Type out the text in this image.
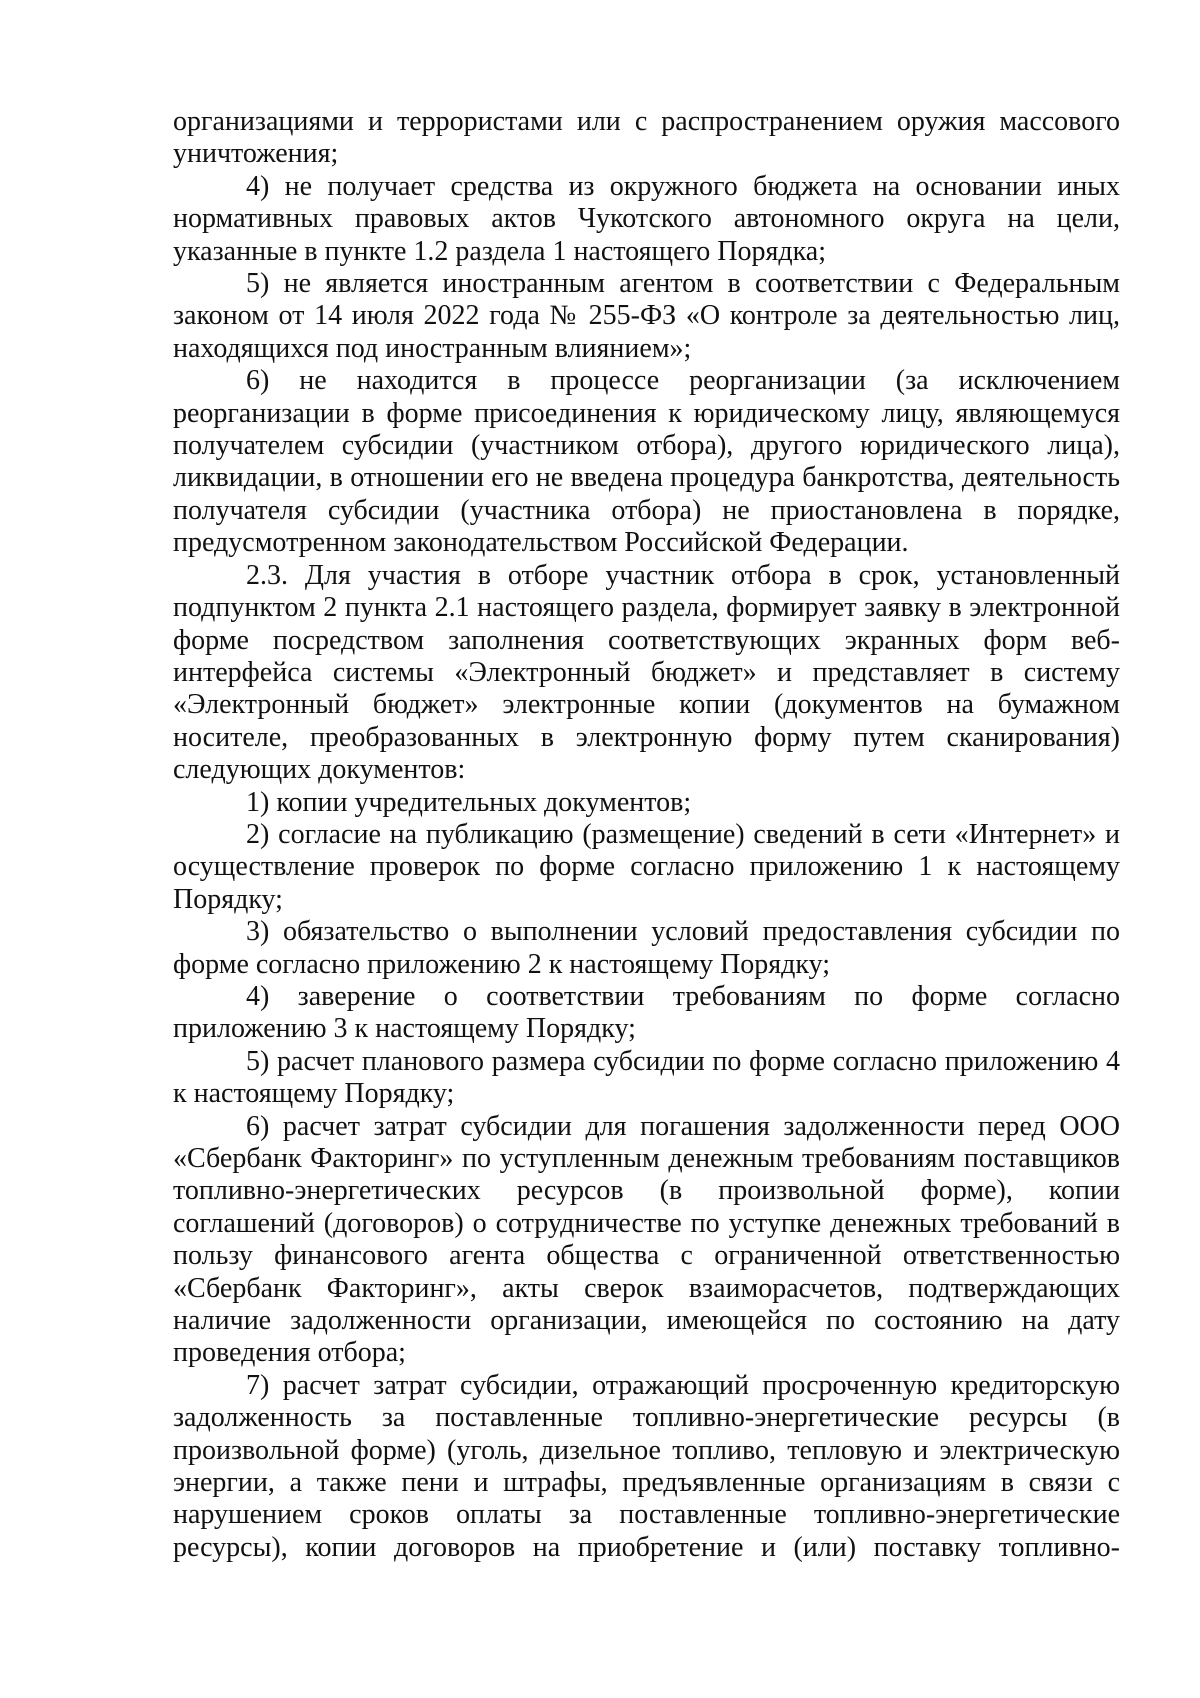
организациями и террористами или с распространением оружия массового уничтожения;

4) не получает средства из окружного бюджета на основании иных нормативных правовых актов Чукотского автономного округа на цели, указанные в пункте 1.2 раздела 1 настоящего Порядка;

5) не является иностранным агентом в соответствии с Федеральным законом от 14 июля 2022 года № 255-ФЗ «О контроле за деятельностью лиц, находящихся под иностранным влиянием»;

6) не находится в процессе реорганизации (за исключением реорганизации в форме присоединения к юридическому лицу, являющемуся получателем субсидии (участником отбора), другого юридического лица), ликвидации, в отношении его не введена процедура банкротства, деятельность получателя субсидии (участника отбора) не приостановлена в порядке, предусмотренном законодательством Российской Федерации.

2.3. Для участия в отборе участник отбора в срок, установленный подпунктом 2 пункта 2.1 настоящего раздела, формирует заявку в электронной форме посредством заполнения соответствующих экранных форм веб-интерфейса системы «Электронный бюджет» и представляет в систему «Электронный бюджет» электронные копии (документов на бумажном носителе, преобразованных в электронную форму путем сканирования) следующих документов:

1) копии учредительных документов;

2) согласие на публикацию (размещение) сведений в сети «Интернет» и осуществление проверок по форме согласно приложению 1 к настоящему Порядку;

3) обязательство о выполнении условий предоставления субсидии по форме согласно приложению 2 к настоящему Порядку;

4) заверение о соответствии требованиям по форме согласно приложению 3 к настоящему Порядку;

5) расчет планового размера субсидии по форме согласно приложению 4 к настоящему Порядку;

6) расчет затрат субсидии для погашения задолженности перед ООО «Сбербанк Факторинг» по уступленным денежным требованиям поставщиков топливно-энергетических ресурсов (в произвольной форме), копии соглашений (договоров) о сотрудничестве по уступке денежных требований в пользу финансового агента общества с ограниченной ответственностью «Сбербанк Факторинг», акты сверок взаиморасчетов, подтверждающих наличие задолженности организации, имеющейся по состоянию на дату проведения отбора;

7) расчет затрат субсидии, отражающий просроченную кредиторскую задолженность за поставленные топливно-энергетические ресурсы (в произвольной форме) (уголь, дизельное топливо, тепловую и электрическую энергии, а также пени и штрафы, предъявленные организациям в связи с нарушением сроков оплаты за поставленные топливно-энергетические ресурсы), копии договоров на приобретение и (или) поставку топливно-
